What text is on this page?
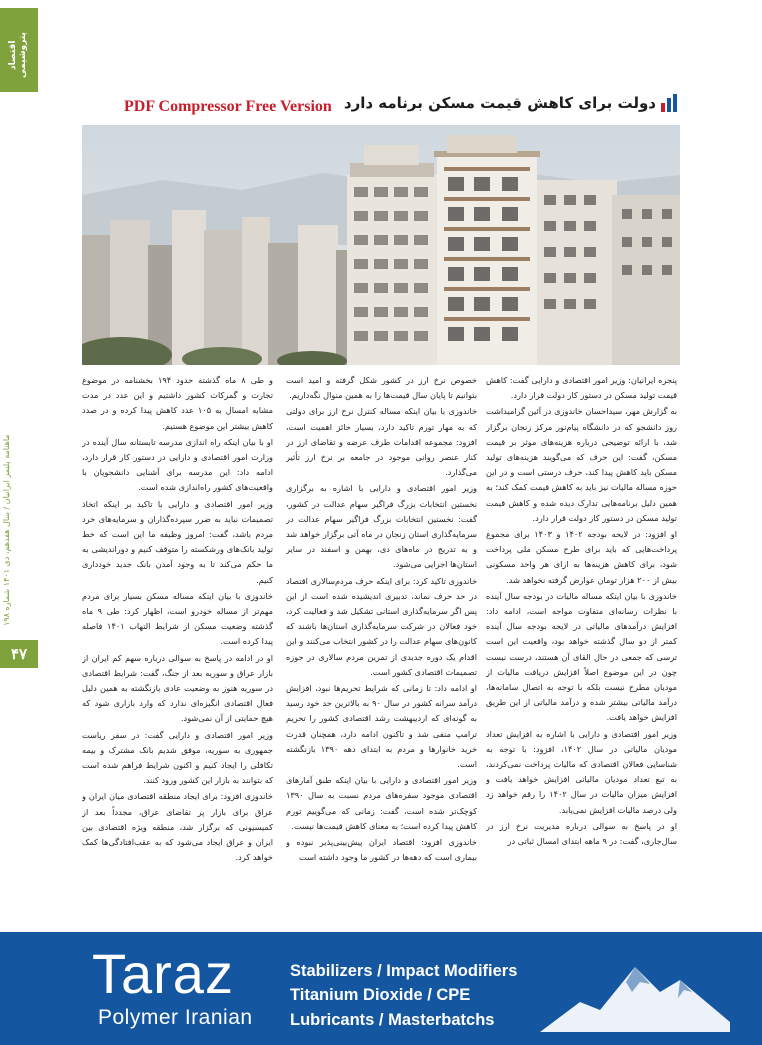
اقتصاد پتروشیمی
ماهنامه پلیمر ایرانیان / سال هفدهم، دی ۱۴۰۱ شماره ۱۹۸
۴۷
PDF Compressor Free Version دولت برای کاهش قیمت مسکن برنامه دارد

پنجره ایرانیان: وزیر امور اقتصادی و دارایی گفت: کاهش قیمت تولید مسکن در دستور کار دولت قرار دارد.

به گزارش مهر، سیداحسان خاندوزی در آئین گرامیداشت روز دانشجو که در دانشگاه پیام‌نور مرکز زنجان برگزار شد، با ارائه توضیحی درباره هزینه‌های موثر بر قیمت مسکن، گفت: این حرف که می‌گویند هزینه‌های تولید مسکن باید کاهش پیدا کند، حرف درستی است و در این حوزه مساله مالیات نیز باید به کاهش قیمت کمک کند؛ به همین دلیل برنامه‌هایی تدارک دیده شده و کاهش قیمت تولید مسکن در دستور کار دولت قرار دارد.

او افزود: در لایحه بودجه ۱۴۰۲ و ۱۴۰۳ برای مجموع پرداخت‌هایی که باید برای طرح مسکن ملی پرداخت شود، برای کاهش هزینه‌ها به ازای هر واحد مسکونی بیش از ۲۰۰ هزار تومان عوارض گرفته نخواهد شد.

خاندوزی با بیان اینکه مساله مالیات در بودجه سال آینده با نظرات رسانه‌ای متفاوت مواجه است، ادامه داد: افزایش درآمدهای مالیاتی در لایحه بودجه سال آینده کمتر از دو سال گذشته خواهد بود، واقعیت این است ترسی که جمعی در حال القای آن هستند، درست نیست چون در این موضوع اصلاً افزایش دریافت مالیات از مودیان مطرح نیست بلکه با توجه به اتصال سامانه‌ها، درآمد مالیاتی بیشتر شده و درآمد مالیاتی از این طریق افزایش خواهد یافت.

وزیر امور اقتصادی و دارایی با اشاره به افزایش تعداد مودیان مالیاتی در سال ۱۴۰۲، افزود: با توجه به شناسایی فعالان اقتصادی که مالیات پرداخت نمی‌کردند، به تبع تعداد مودیان مالیاتی افزایش خواهد یافت و افزایش میزان مالیات در سال ۱۴۰۲ را رقم خواهد زد ولی درصد مالیات افزایش نمی‌یابد.

او در پاسخ به سوالی درباره مدیریت نرخ ارز در سال‌جاری، گفت: در ۹ ماهه ابتدای امسال ثباتی در

خصوص نرخ ارز در کشور شکل گرفته و امید است بتوانیم تا پایان سال قیمت‌ها را به همین منوال نگه‌داریم.

خاندوزی با بیان اینکه مساله کنترل نرخ ارز برای دولتی که به مهار تورم تاکید دارد، بسیار حائز اهمیت است، افزود: مجموعه اقدامات طرف عرضه و تقاضای ارز در کنار عنصر روانی موجود در جامعه بر نرخ ارز تأثیر می‌گذارد.

وزیر امور اقتصادی و دارایی با اشاره به برگزاری نخستین انتخابات بزرگ فراگیر سهام عدالت در کشور، گفت: نخستین انتخابات بزرگ فراگیر سهام عدالت در سرمایه‌گذاری استان زنجان در ماه آتی برگزار خواهد شد و به تدریج در ماه‌های دی، بهمن و اسفند در سایر استان‌ها اجرایی می‌شود.

خاندوزی تاکید کرد: برای اینکه حرف مردم‌سالاری اقتصاد در حد حرف نماند، تدبیری اندیشیده شده است از این پس اگر سرمایه‌گذاری استانی تشکیل شد و فعالیت کرد، خود فعالان در شرکت سرمایه‌گذاری استان‌ها باشند که کانون‌های سهام عدالت را در کشور انتخاب می‌کنند و این اقدام یک دوره جدیدی از تمرین مردم سالاری در حوزه تصمیمات اقتصادی کشور است.

او ادامه داد: تا زمانی که شرایط تحریم‌ها نبود، افزایش درآمد سرانه کشور در سال ۹۰ به بالاترین حد خود رسید به گونه‌ای که اردیبهشت رشد اقتصادی کشور را تحریم ترامپ منفی شد و تاکنون ادامه دارد، همچنان قدرت خرید خانوارها و مردم به ابتدای دهه ۱۳۹۰ بازنگشته است.

وزیر امور اقتصادی و دارایی با بیان اینکه طبق آمارهای اقتصادی موجود سفره‌های مردم نسبت به سال ۱۳۹۰ کوچک‌تر شده است، گفت: زمانی که می‌گوییم تورم کاهش پیدا کرده است؛ به معنای کاهش قیمت‌ها نیست.

خاندوزی افزود: اقتصاد ایران پیش‌بینی‌پذیر نبوده و بیماری است که دهه‌ها در کشور ما وجود داشته است

و طی ۸ ماه گذشته حدود ۱۹۴ بخشنامه در موضوع تجارت و گمرکات کشور داشتیم و این عدد در مدت مشابه امسال به ۱۰۵ عدد کاهش پیدا کرده و در صدد کاهش بیشتر این موضوع هستیم.

او با بیان اینکه راه اندازی مدرسه تابستانه سال آینده در وزارت امور اقتصادی و دارایی در دستور کار قرار دارد، ادامه داد: این مدرسه برای آشنایی دانشجویان با واقعیت‌های کشور راه‌اندازی شده است.

وزیر امور اقتصادی و دارایی با تاکید بر اینکه اتخاذ تصمیمات نباید به ضرر سپرده‌گذاران و سرمایه‌های خرد مردم باشد، گفت: امروز وظیفه ما این است که خط تولید بانک‌های ورشکسته را متوقف کنیم و دوراندیشی به ما حکم می‌کند تا به وجود آمدن بانک جدید خودداری کنیم.

خاندوزی با بیان اینکه مساله مسکن بسیار برای مردم مهم‌تر از مساله خودرو است، اظهار کرد: طی ۹ ماه گذشته وضعیت مسکن از شرایط التهاب ۱۴۰۱ فاصله پیدا کرده است.

او در ادامه در پاسخ به سوالی درباره سهم کم ایران از بازار عراق و سوریه بعد از جنگ، گفت: شرایط اقتصادی در سوریه هنوز به وضعیت عادی بازنگشته به همین دلیل فعال اقتصادی انگیزه‌ای ندارد که وارد بازاری شود که هیچ حمایتی از آن نمی‌شود.

وزیر امور اقتصادی و دارایی گفت: در سفر ریاست جمهوری به سوریه، موفق شدیم بانک مشترک و بیمه تکافلی را ایجاد کنیم و اکنون شرایط فراهم شده است که بتوانند به بازار این کشور ورود کنند.

خاندوزی افزود: برای ایجاد منطقه اقتصادی میان ایران و عراق برای بازار پر تقاضای عراق، مجدداً بعد از کمیسیونی که برگزار شد، منطقه ویژه اقتصادی بین ایران و عراق ایجاد می‌شود که به عقب‌افتادگی‌ها کمک خواهد کرد.

Taraz
Polymer Iranian
Stabilizers / Impact Modifiers
Titanium Dioxide / CPE
Lubricants / Masterbatchs
